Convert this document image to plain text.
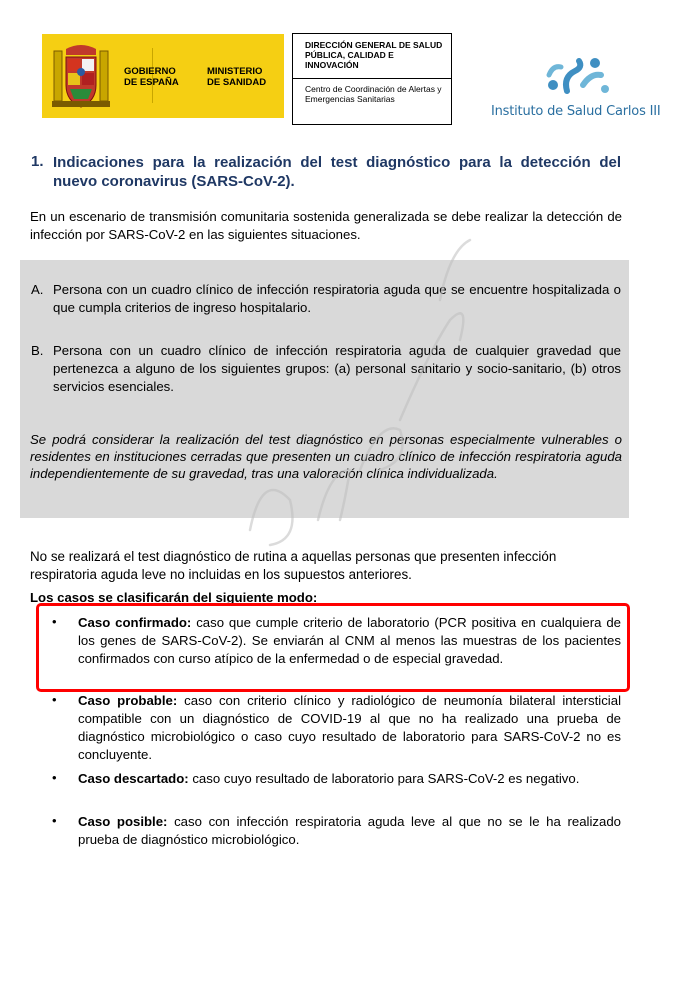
GOBIERNO
DE ESPAÑA
MINISTERIO
DE SANIDAD
DIRECCIÓN GENERAL DE SALUD PÚBLICA, CALIDAD E INNOVACIÓN
Centro de Coordinación de Alertas y Emergencias Sanitarias
Instituto de Salud Carlos III
1. Indicaciones para la realización del test diagnóstico para la detección del nuevo coronavirus (SARS-CoV-2).
En un escenario de transmisión comunitaria sostenida generalizada se debe realizar la detección de infección por SARS-CoV-2 en las siguientes situaciones.
A. Persona con un cuadro clínico de infección respiratoria aguda que se encuentre hospitalizada o que cumpla criterios de ingreso hospitalario.
B. Persona con un cuadro clínico de infección respiratoria aguda de cualquier gravedad que pertenezca a alguno de los siguientes grupos: (a) personal sanitario y socio-sanitario, (b) otros servicios esenciales.
Se podrá considerar la realización del test diagnóstico en personas especialmente vulnerables o residentes en instituciones cerradas que presenten un cuadro clínico de infección respiratoria aguda independientemente de su gravedad, tras una valoración clínica individualizada.
No se realizará el test diagnóstico de rutina a aquellas personas que presenten infección respiratoria aguda leve no incluidas en los supuestos anteriores.
Los casos se clasificarán del siguiente modo:
• Caso confirmado: caso que cumple criterio de laboratorio (PCR positiva en cualquiera de los genes de SARS-CoV-2). Se enviarán al CNM al menos las muestras de los pacientes confirmados con curso atípico de la enfermedad o de especial gravedad.
• Caso probable: caso con criterio clínico y radiológico de neumonía bilateral intersticial compatible con un diagnóstico de COVID-19 al que no ha realizado una prueba de diagnóstico microbiológico o caso cuyo resultado de laboratorio para SARS-CoV-2 no es concluyente.
• Caso descartado: caso cuyo resultado de laboratorio para SARS-CoV-2 es negativo.
• Caso posible: caso con infección respiratoria aguda leve al que no se le ha realizado prueba de diagnóstico microbiológico.
